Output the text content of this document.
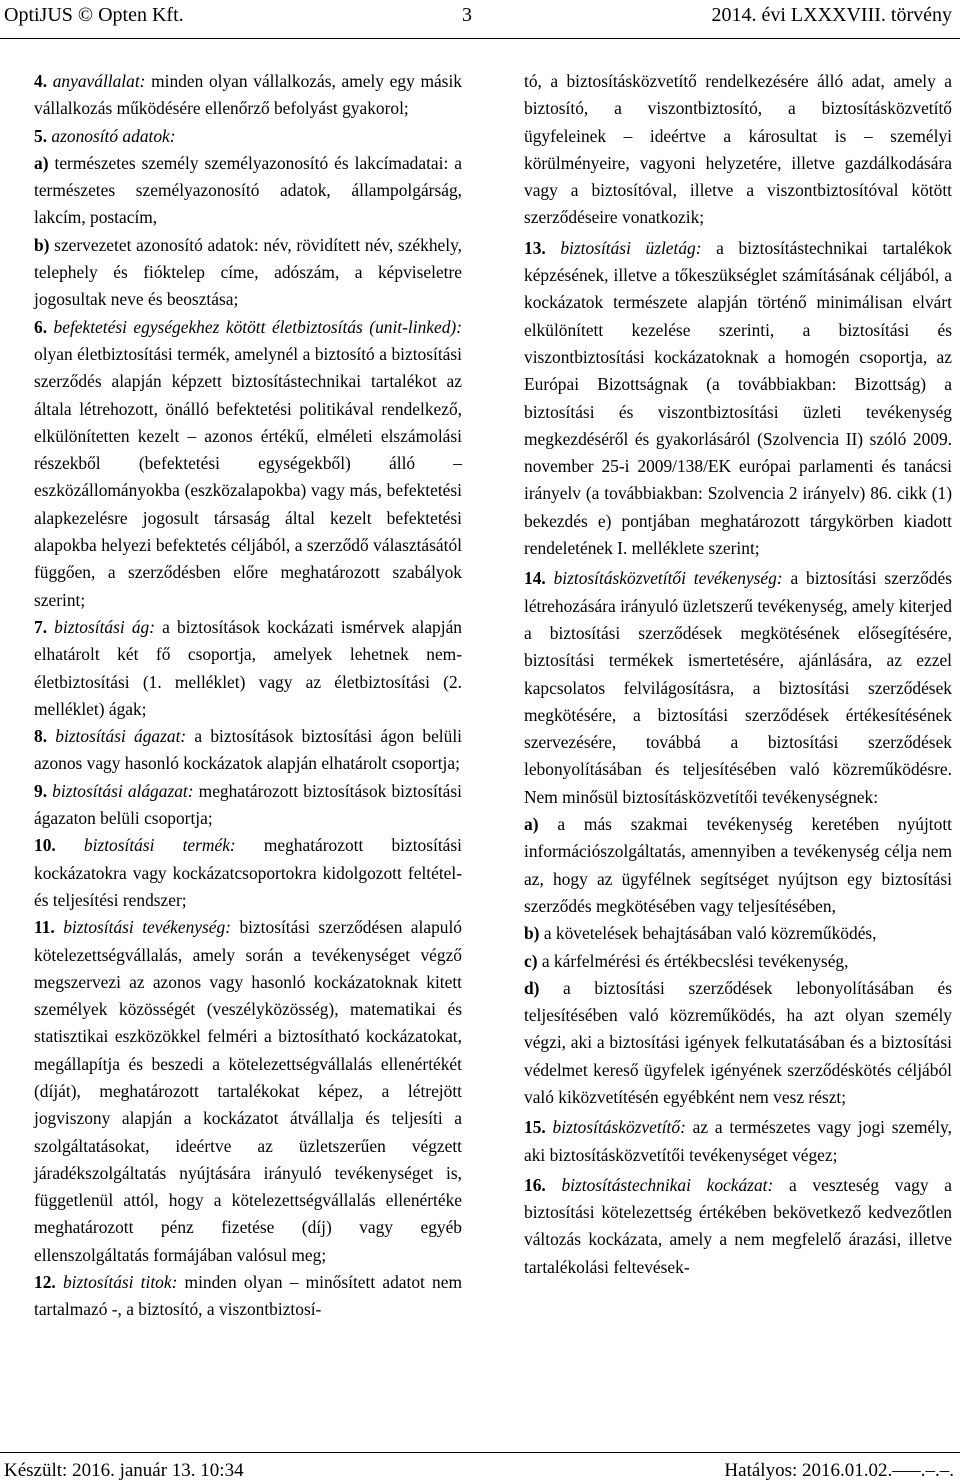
OptiJUS © Opten Kft.	3	2014. évi LXXXVIII. törvény

4. anyavállalat: minden olyan vállalkozás, amely egy másik vállalkozás működésére ellenőrző befolyást gyakorol;

5. azonosító adatok:

a) természetes személy személyazonosító és lakcímadatai: a természetes személyazonosító adatok, állampolgárság, lakcím, postacím,

b) szervezetet azonosító adatok: név, rövidített név, székhely, telephely és fióktelep címe, adószám, a képviseletre jogosultak neve és beosztása;

6. befektetési egységekhez kötött életbiztosítás (unit-linked): olyan életbiztosítási termék, amelynél a biztosító a biztosítási szerződés alapján képzett biztosítástechnikai tartalékot az általa létrehozott, önálló befektetési politikával rendelkező, elkülönítetten kezelt – azonos értékű, elméleti elszámolási részekből (befektetési egységekből) álló – eszközállományokba (eszközalapokba) vagy más, befektetési alapkezelésre jogosult társaság által kezelt befektetési alapokba helyezi befektetés céljából, a szerződő választásától függően, a szerződésben előre meghatározott szabályok szerint;

7. biztosítási ág: a biztosítások kockázati ismérvek alapján elhatárolt két fő csoportja, amelyek lehetnek nem-életbiztosítási (1. melléklet) vagy az életbiztosítási (2. melléklet) ágak;

8. biztosítási ágazat: a biztosítások biztosítási ágon belüli azonos vagy hasonló kockázatok alapján elhatárolt csoportja;

9. biztosítási alágazat: meghatározott biztosítások biztosítási ágazaton belüli csoportja;

10. biztosítási termék: meghatározott biztosítási kockázatokra vagy kockázatcsoportokra kidolgozott feltétel- és teljesítési rendszer;

11. biztosítási tevékenység: biztosítási szerződésen alapuló kötelezettségvállalás, amely során a tevékenységet végző megszervezi az azonos vagy hasonló kockázatoknak kitett személyek közösségét (veszélyközösség), matematikai és statisztikai eszközökkel felméri a biztosítható kockázatokat, megállapítja és beszedi a kötelezettségvállalás ellenértékét (díját), meghatározott tartalékokat képez, a létrejött jogviszony alapján a kockázatot átvállalja és teljesíti a szolgáltatásokat, ideértve az üzletszerűen végzett járadékszolgáltatás nyújtására irányuló tevékenységet is, függetlenül attól, hogy a kötelezettségvállalás ellenértéke meghatározott pénz fizetése (díj) vagy egyéb ellenszolgáltatás formájában valósul meg;

12. biztosítási titok: minden olyan – minősített adatot nem tartalmazó -, a biztosító, a viszontbiztosí-

tó, a biztosításközvetítő rendelkezésére álló adat, amely a biztosító, a viszontbiztosító, a biztosításközvetítő ügyfeleinek – ideértve a károsultat is – személyi körülményeire, vagyoni helyzetére, illetve gazdálkodására vagy a biztosítóval, illetve a viszontbiztosítóval kötött szerződéseire vonatkozik;

13. biztosítási üzletág: a biztosítástechnikai tartalékok képzésének, illetve a tőkeszükséglet számításának céljából, a kockázatok természete alapján történő minimálisan elvárt elkülönített kezelése szerinti, a biztosítási és viszontbiztosítási kockázatoknak a homogén csoportja, az Európai Bizottságnak (a továbbiakban: Bizottság) a biztosítási és viszontbiztosítási üzleti tevékenység megkezdéséről és gyakorlásáról (Szolvencia II) szóló 2009. november 25-i 2009/138/EK európai parlamenti és tanácsi irányelv (a továbbiakban: Szolvencia 2 irányelv) 86. cikk (1) bekezdés e) pontjában meghatározott tárgykörben kiadott rendeletének I. melléklete szerint;

14. biztosításközvetítői tevékenység: a biztosítási szerződés létrehozására irányuló üzletszerű tevékenység, amely kiterjed a biztosítási szerződések megkötésének elősegítésére, biztosítási termékek ismertetésére, ajánlására, az ezzel kapcsolatos felvilágosításra, a biztosítási szerződések megkötésére, a biztosítási szerződések értékesítésének szervezésére, továbbá a biztosítási szerződések lebonyolításában és teljesítésében való közreműködésre. Nem minősül biztosításközvetítői tevékenységnek:

a) a más szakmai tevékenység keretében nyújtott információszolgáltatás, amennyiben a tevékenység célja nem az, hogy az ügyfélnek segítséget nyújtson egy biztosítási szerződés megkötésében vagy teljesítésében,

b) a követelések behajtásában való közreműködés,

c) a kárfelmérési és értékbecslési tevékenység,

d) a biztosítási szerződések lebonyolításában és teljesítésében való közreműködés, ha azt olyan személy végzi, aki a biztosítási igények felkutatásában és a biztosítási védelmet kereső ügyfelek igényének szerződéskötés céljából való kiközvetítésén egyébként nem vesz részt;

15. biztosításközvetítő: az a természetes vagy jogi személy, aki biztosításközvetítői tevékenységet végez;

16. biztosítástechnikai kockázat: a veszteség vagy a biztosítási kötelezettség értékében bekövetkező kedvezőtlen változás kockázata, amely a nem megfelelő árazási, illetve tartalékolási feltevések-

Készült: 2016. január 13. 10:34	Hatályos: 2016.01.02.–––.–.–.
